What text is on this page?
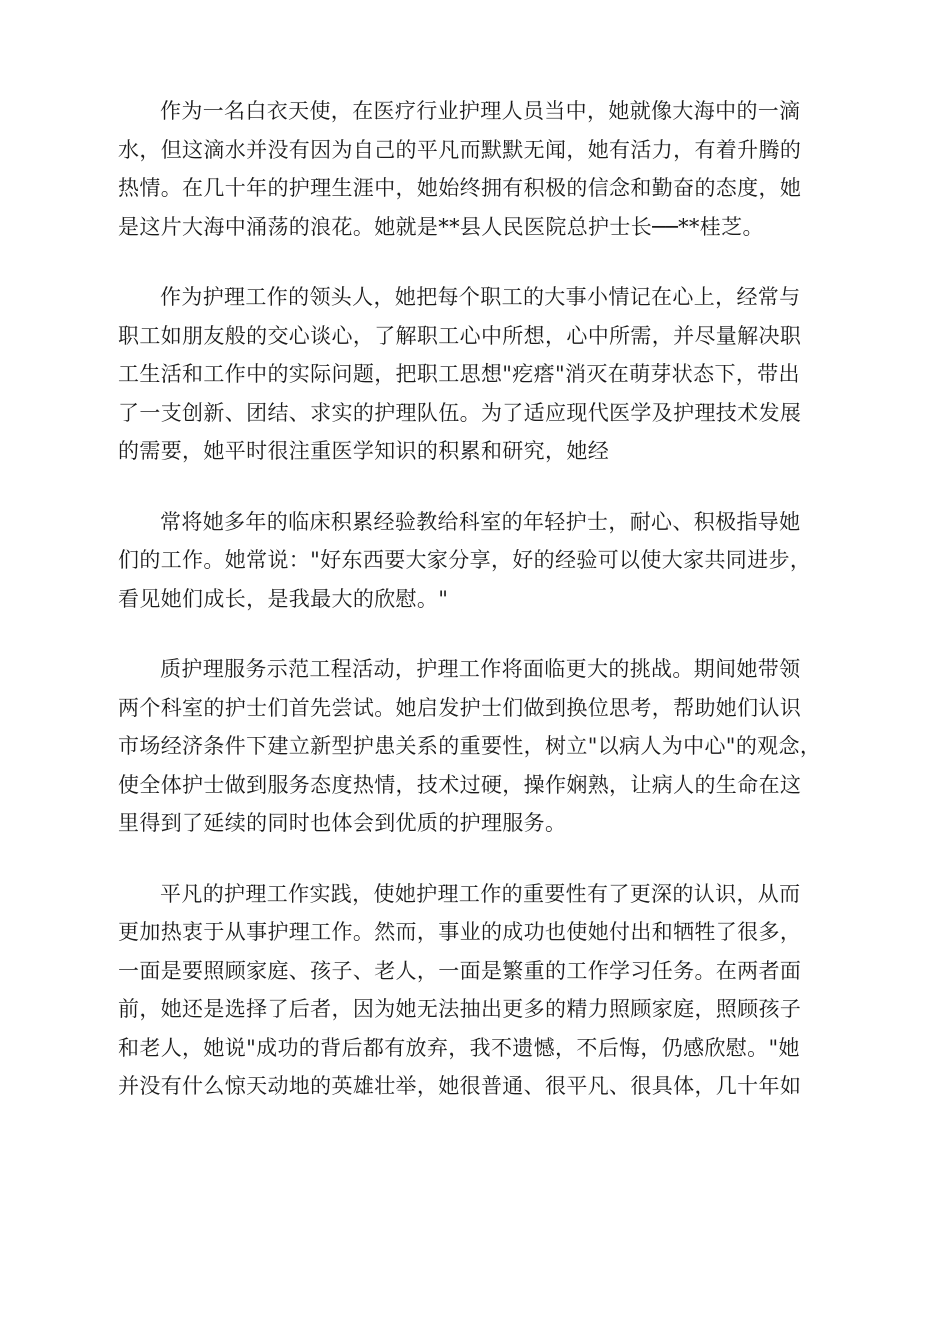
作为一名白衣天使，在医疗行业护理人员当中，她就像大海中的一滴
水，但这滴水并没有因为自己的平凡而默默无闻，她有活力，有着升腾的
热情。在几十年的护理生涯中，她始终拥有积极的信念和勤奋的态度，她
是这片大海中涌荡的浪花。她就是**县人民医院总护士长──**桂芝。
作为护理工作的领头人，她把每个职工的大事小情记在心上，经常与
职工如朋友般的交心谈心，了解职工心中所想，心中所需，并尽量解决职
工生活和工作中的实际问题，把职工思想"疙瘩"消灭在萌芽状态下，带出
了一支创新、团结、求实的护理队伍。为了适应现代医学及护理技术发展
的需要，她平时很注重医学知识的积累和研究，她经
常将她多年的临床积累经验教给科室的年轻护士，耐心、积极指导她
们的工作。她常说："好东西要大家分享，好的经验可以使大家共同进步，
看见她们成长，是我最大的欣慰。"
质护理服务示范工程活动，护理工作将面临更大的挑战。期间她带领
两个科室的护士们首先尝试。她启发护士们做到换位思考，帮助她们认识
市场经济条件下建立新型护患关系的重要性，树立"以病人为中心"的观念，
使全体护士做到服务态度热情，技术过硬，操作娴熟，让病人的生命在这
里得到了延续的同时也体会到优质的护理服务。
平凡的护理工作实践，使她护理工作的重要性有了更深的认识，从而
更加热衷于从事护理工作。然而，事业的成功也使她付出和牺牲了很多，
一面是要照顾家庭、孩子、老人，一面是繁重的工作学习任务。在两者面
前，她还是选择了后者，因为她无法抽出更多的精力照顾家庭，照顾孩子
和老人，她说"成功的背后都有放弃，我不遗憾，不后悔，仍感欣慰。"她
并没有什么惊天动地的英雄壮举，她很普通、很平凡、很具体，几十年如
